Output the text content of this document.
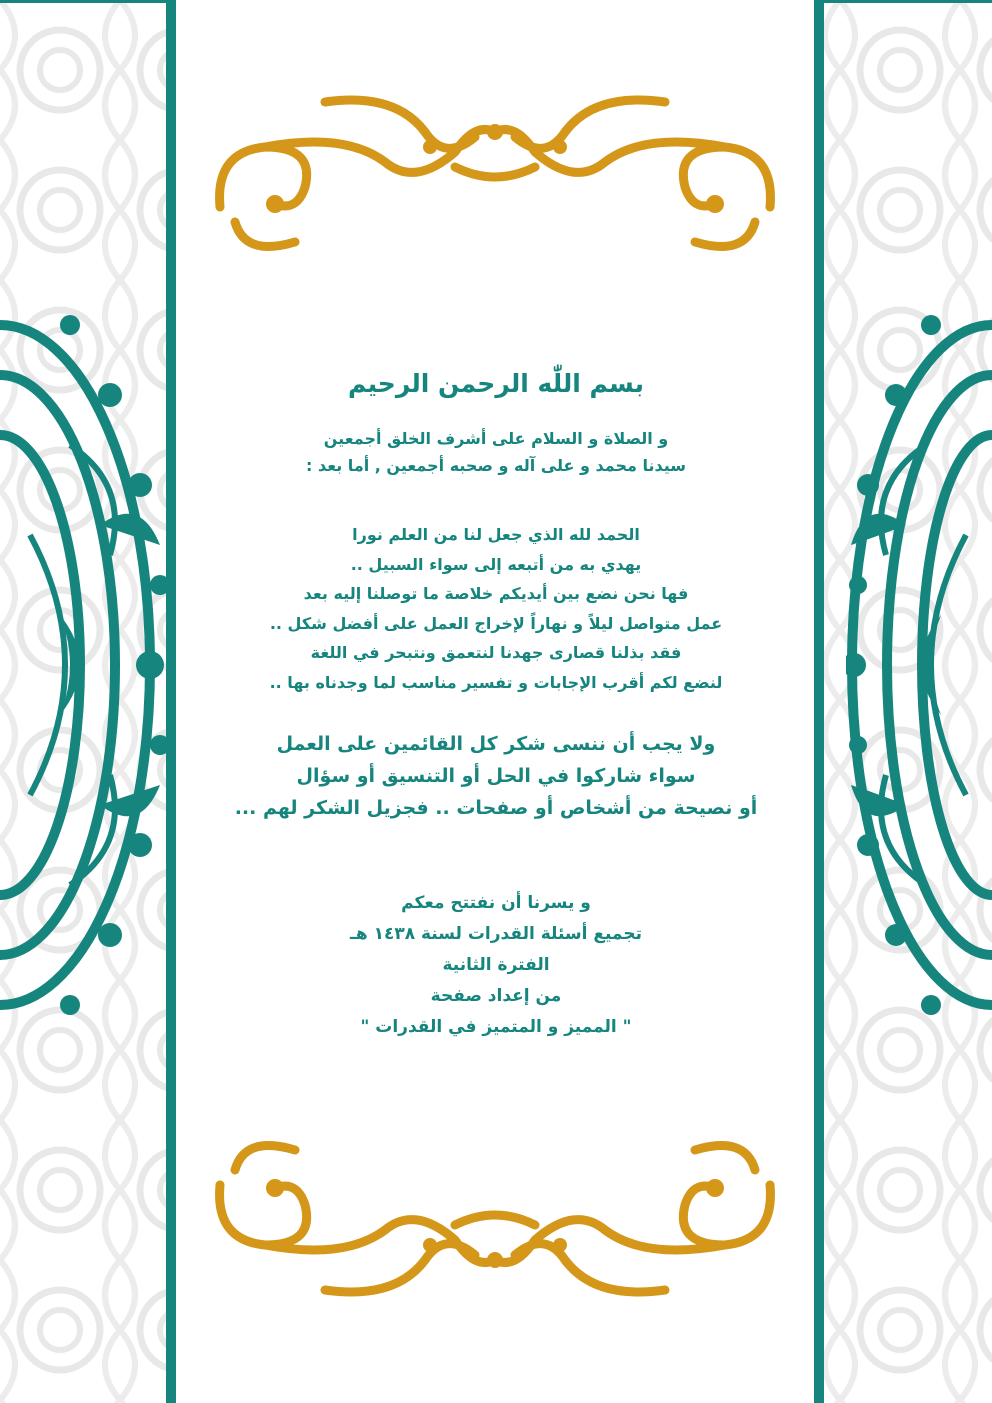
بسم اللّٰه الرحمن الرحيم
و الصلاة و السلام على أشرف الخلق أجمعين
سيدنا محمد و على آله و صحبه أجمعين , أما بعد :
الحمد لله الذي جعل لنا من العلم نورا
يهدي به من أتبعه إلى سواء السبيل ..
فها نحن نضع بين أيديكم خلاصة ما توصلنا إليه بعد
عمل متواصل ليلاً و نهاراً لإخراج العمل على أفضل شكل ..
فقد بذلنا قصارى جهدنا لنتعمق ونتبحر في اللغة
لنضع لكم أقرب الإجابات و تفسير مناسب لما وجدناه بها ..
ولا يجب أن ننسى شكر كل القائمين على العمل
سواء شاركوا في الحل أو التنسيق أو سؤال
أو نصيحة من أشخاص أو صفحات .. فجزيل الشكر لهم ...
و يسرنا أن نفتتح معكم
تجميع أسئلة القدرات لسنة ١٤٣٨ هـ
الفترة الثانية
من إعداد صفحة
" المميز و المتميز في القدرات "
